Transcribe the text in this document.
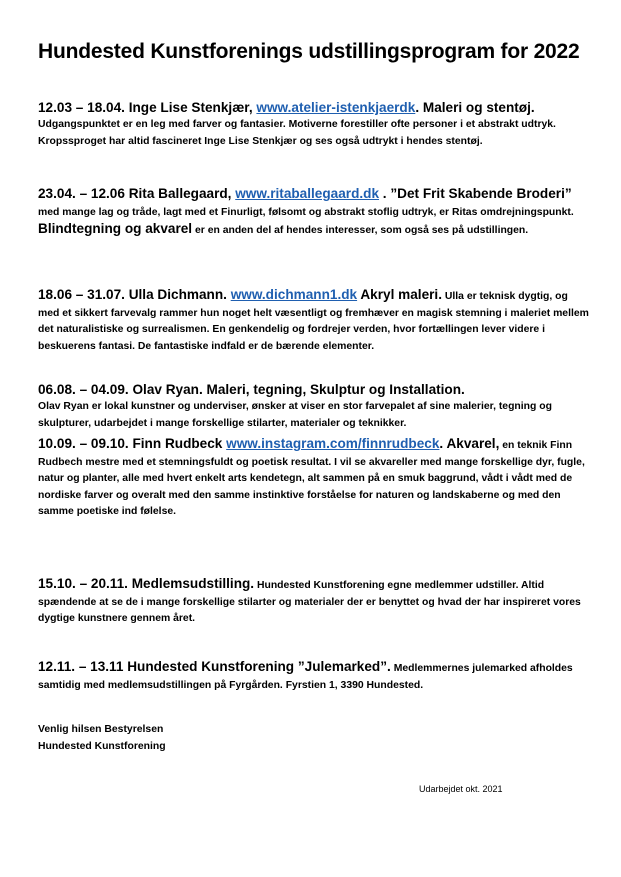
Hundested Kunstforenings udstillingsprogram for 2022
12.03 – 18.04. Inge Lise Stenkjær, www.atelier-istenkjaerdk. Maleri og stentøj.
Udgangspunktet er en leg med farver og fantasier. Motiverne forestiller ofte personer i et abstrakt udtryk. Kropssproget har altid fascineret Inge Lise Stenkjær og ses også udtrykt i hendes stentøj.
23.04. – 12.06 Rita Ballegaard, www.ritaballegaard.dk . ”Det Frit Skabende Broderi” med mange lag og tråde, lagt med et Finurligt, følsomt og abstrakt stoflig udtryk, er Ritas omdrejningspunkt.
Blindtegning og akvarel er en anden del af hendes interesser, som også ses på udstillingen.
18.06 – 31.07. Ulla Dichmann. www.dichmann1.dk Akryl maleri. Ulla er teknisk dygtig, og med et sikkert farvevalg rammer hun noget helt væsentligt og fremhæver en magisk stemning i maleriet mellem det naturalistiske og surrealismen. En genkendelig og fordrejer verden, hvor fortællingen lever videre i beskuerens fantasi. De fantastiske indfald er de bærende elementer.
06.08. – 04.09. Olav Ryan. Maleri, tegning, Skulptur og Installation.
Olav Ryan er lokal kunstner og underviser, ønsker at viser en stor farvepalet af sine malerier, tegning og skulpturer, udarbejdet i mange forskellige stilarter, materialer og teknikker.
10.09. – 09.10. Finn Rudbeck www.instagram.com/finnrudbeck. Akvarel, en teknik Finn Rudbech mestre med et stemningsfuldt og poetisk resultat. I vil se akvareller med mange forskellige dyr, fugle, natur og planter, alle med hvert enkelt arts kendetegn, alt sammen på en smuk baggrund, vådt i vådt med de nordiske farver og overalt med den samme instinktive forståelse for naturen og landskaberne og med den samme poetiske ind følelse.
15.10. – 20.11. Medlemsudstilling. Hundested Kunstforening egne medlemmer udstiller. Altid spændende at se de i mange forskellige stilarter og materialer der er benyttet og hvad der har inspireret vores dygtige kunstnere gennem året.
12.11. – 13.11 Hundested Kunstforening ”Julemarked”. Medlemmernes julemarked afholdes samtidig med medlemsudstillingen på Fyrgården. Fyrstien 1, 3390 Hundested.
Venlig hilsen Bestyrelsen
Hundested Kunstforening
Udarbejdet okt. 2021
